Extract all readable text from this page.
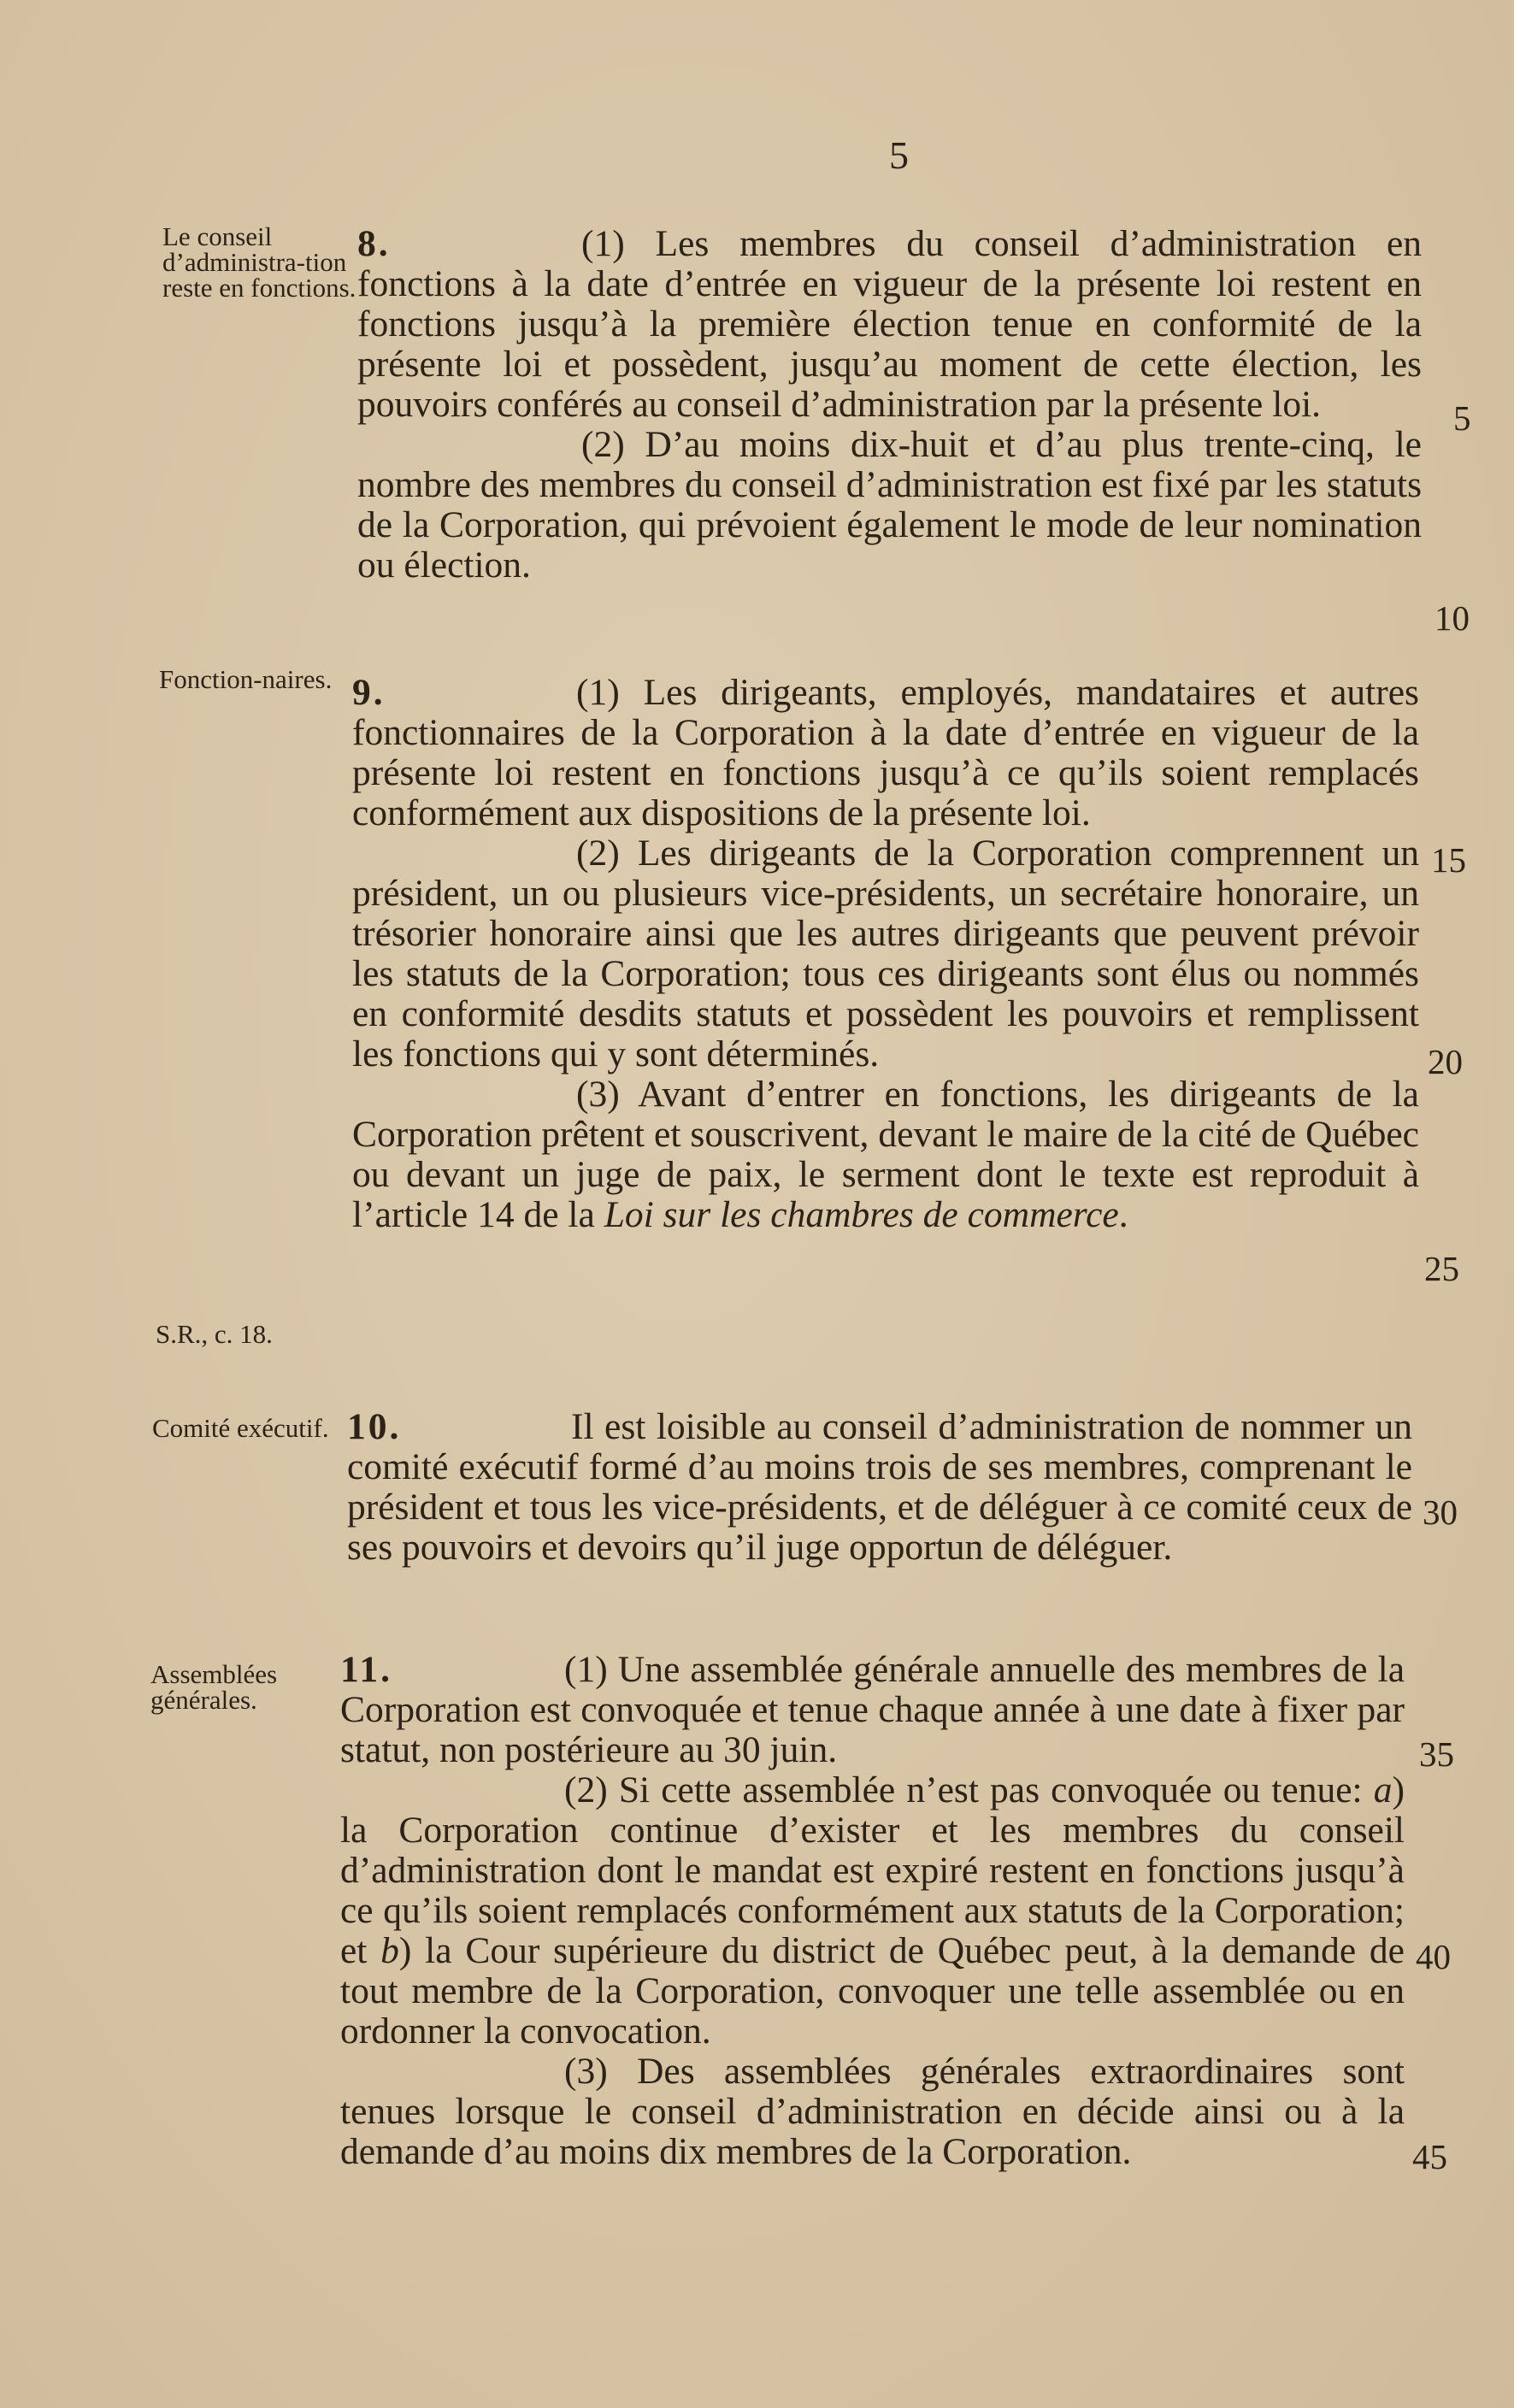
5
Le conseil d’administra-tion reste en fonctions.
Fonction-naires.
S.R., c. 18.
Comité exécutif.
Assemblées générales.
5
10
15
20
25
30
35
40
45

8.	(1) Les membres du conseil d’administration en fonctions à la date d’entrée en vigueur de la présente loi restent en fonctions jusqu’à la première élection tenue en conformité de la présente loi et possèdent, jusqu’au moment de cette élection, les pouvoirs conférés au conseil d’administration par la présente loi.

(2) D’au moins dix-huit et d’au plus trente-cinq, le nombre des membres du conseil d’administration est fixé par les statuts de la Corporation, qui prévoient également le mode de leur nomination ou élection.

9.	(1) Les dirigeants, employés, mandataires et autres fonctionnaires de la Corporation à la date d’entrée en vigueur de la présente loi restent en fonctions jusqu’à ce qu’ils soient remplacés conformément aux dispositions de la présente loi.

(2) Les dirigeants de la Corporation comprennent un président, un ou plusieurs vice-présidents, un secrétaire honoraire, un trésorier honoraire ainsi que les autres dirigeants que peuvent prévoir les statuts de la Corporation; tous ces dirigeants sont élus ou nommés en conformité desdits statuts et possèdent les pouvoirs et remplissent les fonctions qui y sont déterminés.

(3) Avant d’entrer en fonctions, les dirigeants de la Corporation prêtent et souscrivent, devant le maire de la cité de Québec ou devant un juge de paix, le serment dont le texte est reproduit à l’article 14 de la Loi sur les chambres de commerce.

10.	Il est loisible au conseil d’administration de nommer un comité exécutif formé d’au moins trois de ses membres, comprenant le président et tous les vice-présidents, et de déléguer à ce comité ceux de ses pouvoirs et devoirs qu’il juge opportun de déléguer.

11.	(1) Une assemblée générale annuelle des membres de la Corporation est convoquée et tenue chaque année à une date à fixer par statut, non postérieure au 30 juin.

(2) Si cette assemblée n’est pas convoquée ou tenue: a) la Corporation continue d’exister et les membres du conseil d’administration dont le mandat est expiré restent en fonctions jusqu’à ce qu’ils soient remplacés conformément aux statuts de la Corporation; et b) la Cour supérieure du district de Québec peut, à la demande de tout membre de la Corporation, convoquer une telle assemblée ou en ordonner la convocation.

(3) Des assemblées générales extraordinaires sont tenues lorsque le conseil d’administration en décide ainsi ou à la demande d’au moins dix membres de la Corporation.
